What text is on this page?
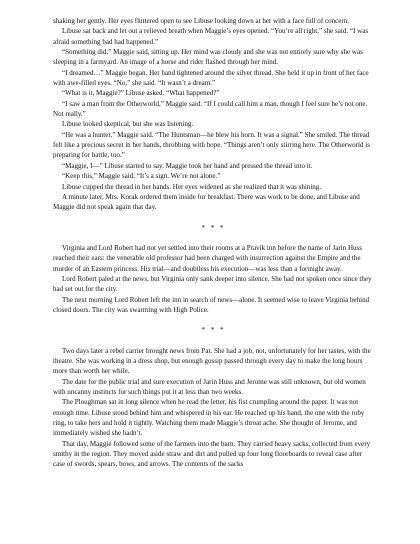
shaking her gently. Her eyes fluttered open to see Libuse looking down at her with a face full of concern.

Libuse sat back and let out a relieved breath when Maggie’s eyes opened. “You’re all right,” she said. “I was afraid something bad had happened.”

“Something did,” Maggie said, sitting up. Her mind was cloudy and she was not entirely sure why she was sleeping in a farmyard. An image of a horse and rider flashed through her mind.

“I dreamed…” Maggie began. Her hand tightened around the silver thread. She held it up in front of her face with awe-filled eyes. “No,” she said. “It wasn’t a dream.”

“What is it, Maggie?” Libuse asked. “What happened?”

“I saw a man from the Otherworld,” Maggie said. “If I could call him a man, though I feel sure he’s not one. Not really.”

Libuse looked skeptical, but she was listening.

“He was a hunter,” Maggie said. “The Huntsman—he blew his horn. It was a signal.” She smiled. The thread felt like a precious secret in her hands, throbbing with hope. “Things aren’t only stirring here. The Otherworld is preparing for battle, too.”

“Maggie, I—” Libuse started to say. Maggie took her hand and pressed the thread into it.

“Keep this,” Maggie said. “It’s a sign. We’re not alone.”

Libuse cupped the thread in her hands. Her eyes widened as she realized that it was shining.

A minute later, Mrs. Korak ordered them inside for breakfast. There was work to be done, and Libuse and Maggie did not speak again that day.

* * *

Virginia and Lord Robert had not yet settled into their rooms at a Pravik inn before the name of Jarin Huss reached their ears: the venerable old professor had been charged with insurrection against the Empire and the murder of an Eastern princess. His trial—and doubtless his execution—was less than a fortnight away.

Lord Robert paled at the news, but Virginia only sank deeper into silence. She had not spoken once since they had set out for the city.

The next morning Lord Robert left the inn in search of news—alone. It seemed wise to leave Virginia behind closed doors. The city was swarming with High Police.

* * *

Two days later a rebel carrier brought news from Pat. She had a job, not, unfortunately for her tastes, with the theatre. She was working in a dress shop, but enough gossip passed through every day to make the long hours more than worth her while.

The date for the public trial and sure execution of Jarin Huss and Jerome was still unknown, but old women with uncanny instincts for such things put it at less than two weeks.

The Ploughman sat in long silence when he read the letter, his fist crumpling around the paper. It was not enough time. Libuse stood behind him and whispered in his ear. He reached up his hand, the one with the ruby ring, to take hers and hold it tightly. Watching them made Maggie’s throat ache. She thought of Jerome, and immediately wished she hadn’t.

That day, Maggie followed some of the farmers into the barn. They carried heavy sacks, collected from every smithy in the region. They moved aside straw and dirt and pulled up four long floorboards to reveal case after case of swords, spears, bows, and arrows. The contents of the sacks
